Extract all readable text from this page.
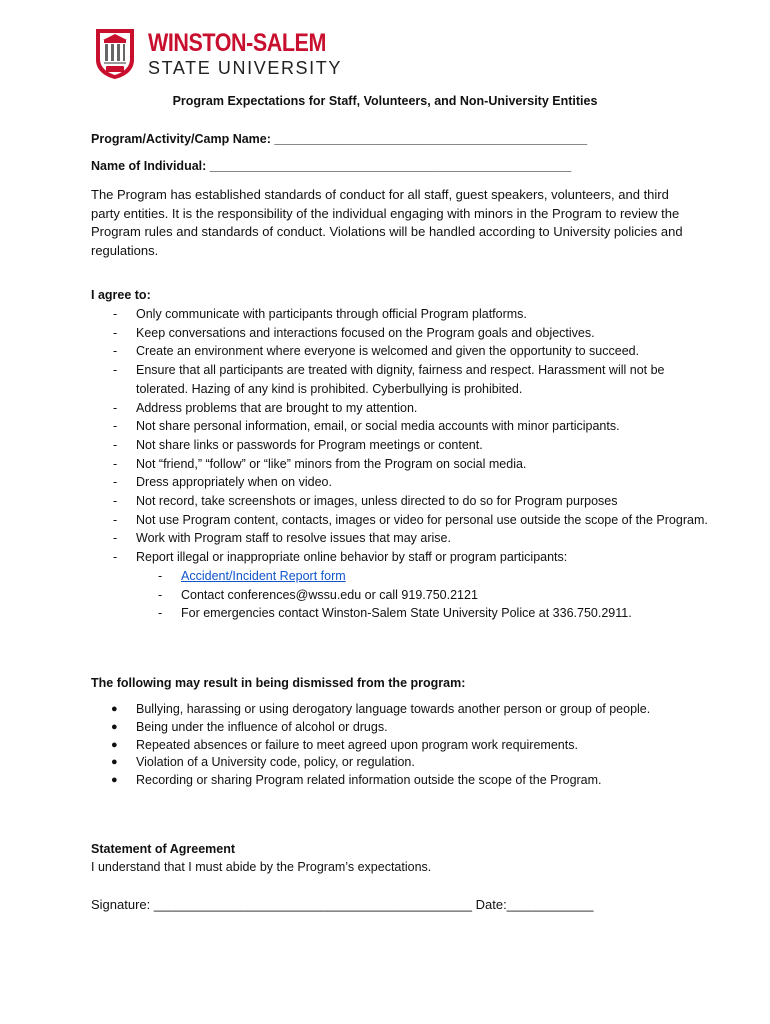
WINSTON-SALEM
STATE UNIVERSITY
Program Expectations for Staff, Volunteers, and Non-University Entities
Program/Activity/Camp Name: _____________________________________________
Name of Individual: ____________________________________________________

The Program has established standards of conduct for all staff, guest speakers, volunteers, and third party entities. It is the responsibility of the individual engaging with minors in the Program to review the Program rules and standards of conduct. Violations will be handled according to University policies and regulations.

I agree to:
- Only communicate with participants through official Program platforms.
- Keep conversations and interactions focused on the Program goals and objectives.
- Create an environment where everyone is welcomed and given the opportunity to succeed.
- Ensure that all participants are treated with dignity, fairness and respect. Harassment will not be tolerated. Hazing of any kind is prohibited. Cyberbullying is prohibited.
- Address problems that are brought to my attention.
- Not share personal information, email, or social media accounts with minor participants.
- Not share links or passwords for Program meetings or content.
- Not “friend,” “follow” or “like” minors from the Program on social media.
- Dress appropriately when on video.
- Not record, take screenshots or images, unless directed to do so for Program purposes
- Not use Program content, contacts, images or video for personal use outside the scope of the Program.
- Work with Program staff to resolve issues that may arise.
- Report illegal or inappropriate online behavior by staff or program participants:
- Accident/Incident Report form
- Contact conferences@wssu.edu or call 919.750.2121
- For emergencies contact Winston-Salem State University Police at 336.750.2911.
The following may result in being dismissed from the program:
● Bullying, harassing or using derogatory language towards another person or group of people.
● Being under the influence of alcohol or drugs.
● Repeated absences or failure to meet agreed upon program work requirements.
● Violation of a University code, policy, or regulation.
● Recording or sharing Program related information outside the scope of the Program.
Statement of Agreement
I understand that I must abide by the Program’s expectations.
Signature: ____________________________________________ Date:____________
